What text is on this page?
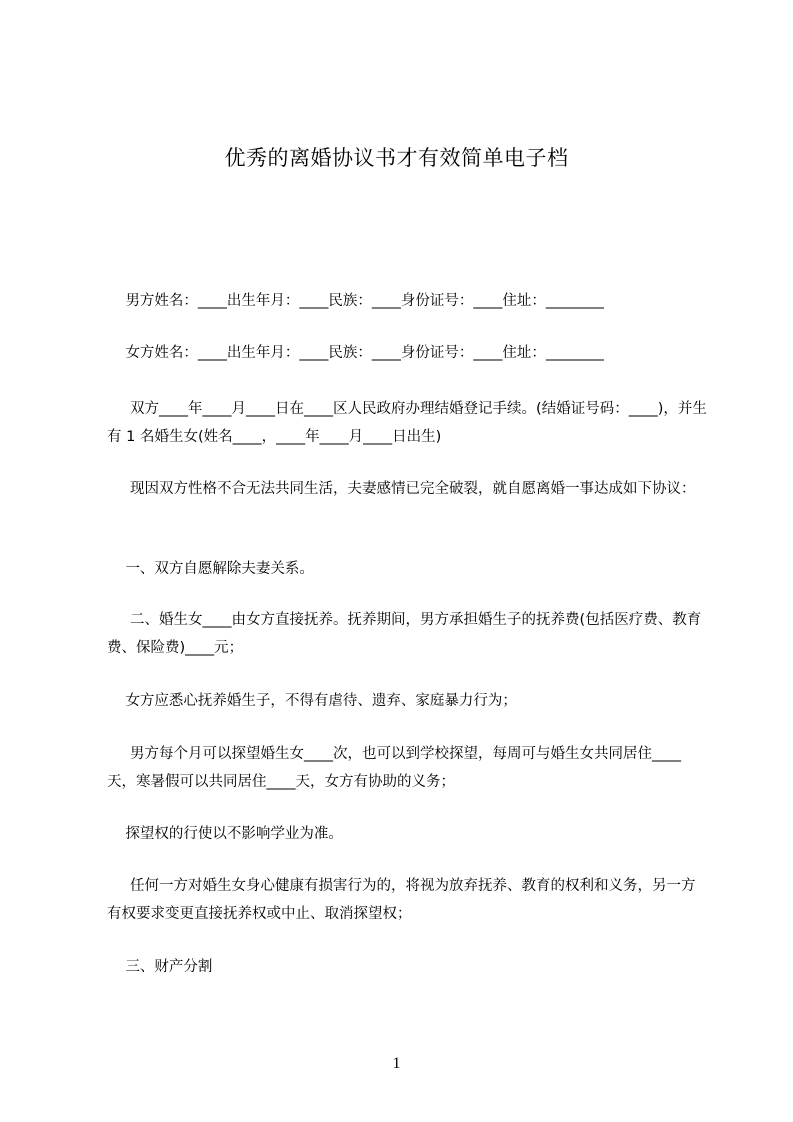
优秀的离婚协议书才有效简单电子档
男方姓名：____出生年月：____民族：____身份证号：____住址：________
女方姓名：____出生年月：____民族：____身份证号：____住址：________
双方____年____月____日在____区人民政府办理结婚登记手续。(结婚证号码：____)，并生有 1 名婚生女(姓名____，____年____月____日出生)
现因双方性格不合无法共同生活，夫妻感情已完全破裂，就自愿离婚一事达成如下协议：
一、双方自愿解除夫妻关系。
二、婚生女____由女方直接抚养。抚养期间，男方承担婚生子的抚养费(包括医疗费、教育费、保险费)____元；
女方应悉心抚养婚生子，不得有虐待、遗弃、家庭暴力行为；
男方每个月可以探望婚生女____次，也可以到学校探望，每周可与婚生女共同居住____天，寒暑假可以共同居住____天，女方有协助的义务；
探望权的行使以不影响学业为准。
任何一方对婚生女身心健康有损害行为的，将视为放弃抚养、教育的权利和义务，另一方有权要求变更直接抚养权或中止、取消探望权；
三、财产分割
1
